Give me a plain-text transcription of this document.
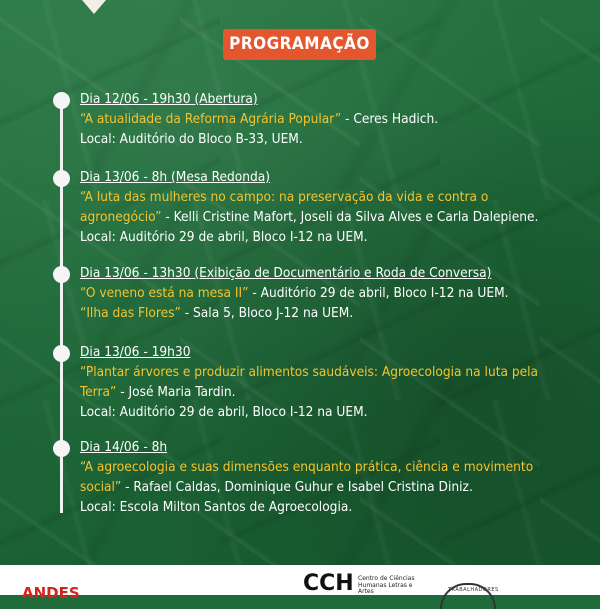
PROGRAMAÇÃO
Dia 12/06 - 19h30 (Abertura)
“A atualidade da Reforma Agrária Popular” - Ceres Hadich.
Local: Auditório do Bloco B-33, UEM.
Dia 13/06 - 8h (Mesa Redonda)
“A luta das mulheres no campo: na preservação da vida e contra o
agronegócio” - Kelli Cristine Mafort, Joseli da Silva Alves e Carla Dalepiene.
Local: Auditório 29 de abril, Bloco I-12 na UEM.
Dia 13/06 - 13h30 (Exibição de Documentário e Roda de Conversa)
“O veneno está na mesa II” - Auditório 29 de abril, Bloco I-12 na UEM.
“Ilha das Flores” - Sala 5, Bloco J-12 na UEM.
Dia 13/06 - 19h30
“Plantar árvores e produzir alimentos saudáveis: Agroecologia na luta pela
Terra” - José Maria Tardin.
Local: Auditório 29 de abril, Bloco I-12 na UEM.
Dia 14/06 - 8h
“A agroecologia e suas dimensões enquanto prática, ciência e movimento
social” - Rafael Caldas, Dominique Guhur e Isabel Cristina Diniz.
Local: Escola Milton Santos de Agroecologia.
ANDES	CCH Centro de Ciências Humanas Letras e Artes	TRABALHADORES
